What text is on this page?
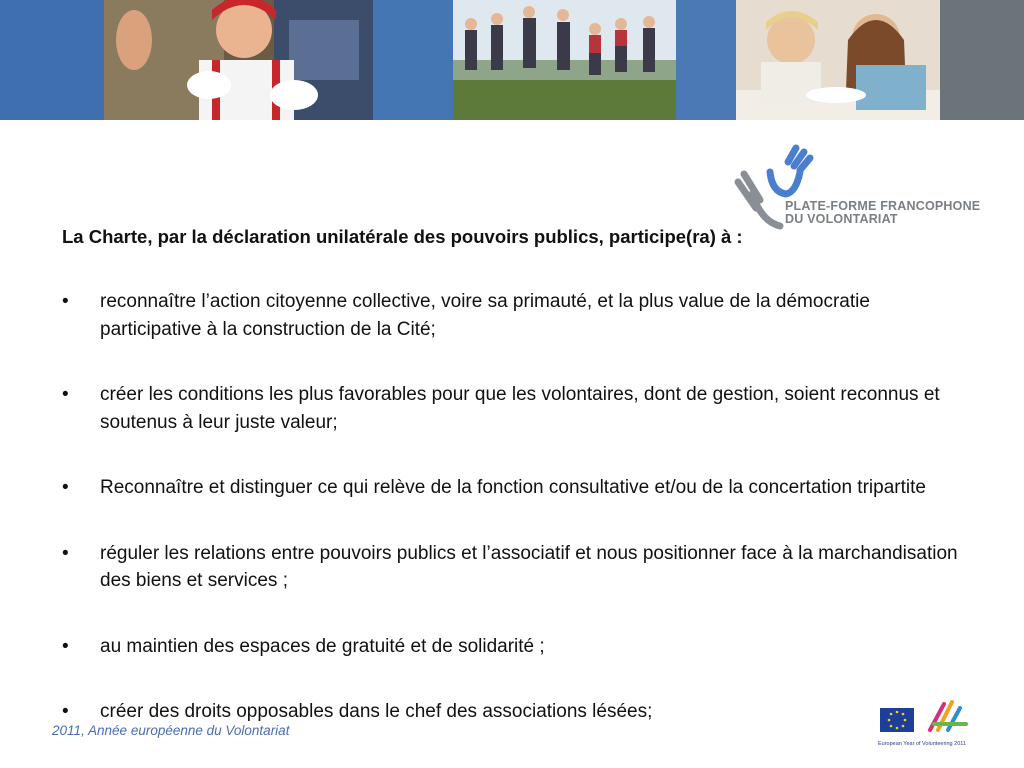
PLATE-FORME FRANCOPHONE
DU VOLONTARIAT
La Charte, par la déclaration unilatérale des pouvoirs publics, participe(ra) à :
• reconnaître l’action citoyenne collective, voire sa primauté, et la plus value de la démocratie participative à la construction de la Cité;
• créer les conditions les plus favorables pour que les volontaires, dont de gestion, soient reconnus et soutenus à leur juste valeur;
• Reconnaître et distinguer ce qui relève de la fonction consultative et/ou de la concertation tripartite
• réguler les relations entre pouvoirs publics et l’associatif et nous positionner face à la marchandisation des biens et services ;
• au maintien des espaces de gratuité et de solidarité ;
• créer des droits opposables dans le chef des associations lésées;
2011, Année européenne du Volontariat
European Year of Volunteering 2011
